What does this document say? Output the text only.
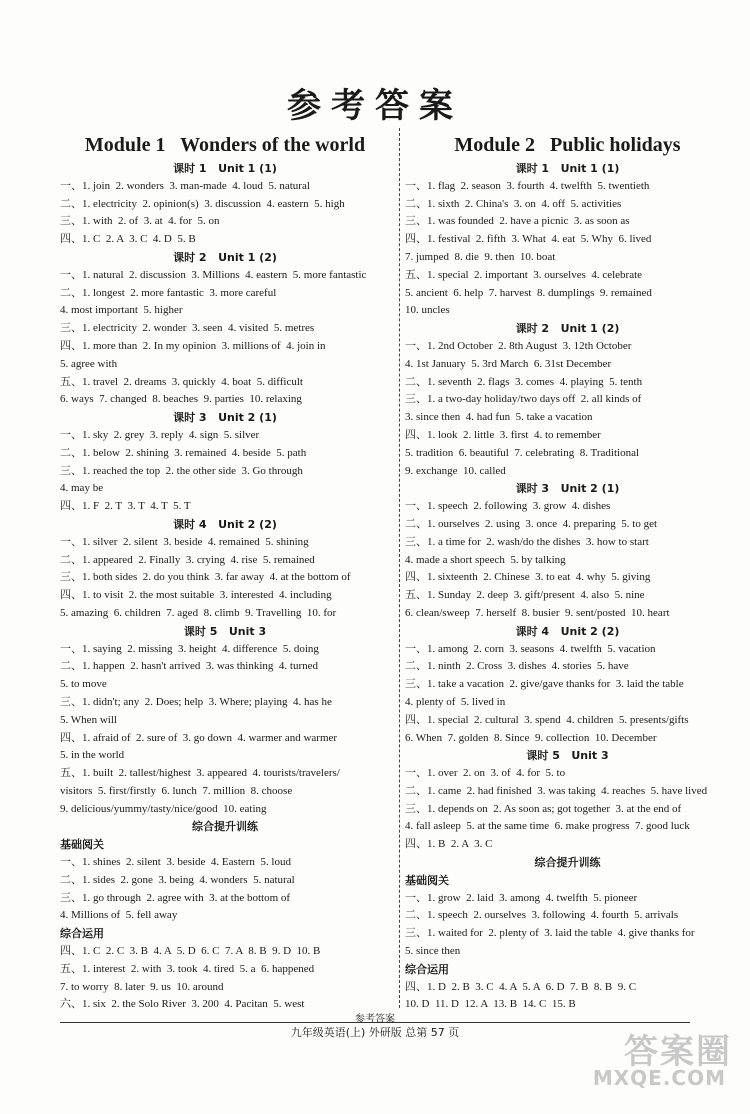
参考答案
Module 1   Wonders of the world
课时 1   Unit 1 (1)
一、1. join  2. wonders  3. man-made  4. loud  5. natural
二、1. electricity  2. opinion(s)  3. discussion  4. eastern  5. high
三、1. with  2. of  3. at  4. for  5. on
四、1. C  2. A  3. C  4. D  5. B
课时 2   Unit 1 (2)
一、1. natural  2. discussion  3. Millions  4. eastern  5. more fantastic
二、1. longest  2. more fantastic  3. more careful
4. most important  5. higher
三、1. electricity  2. wonder  3. seen  4. visited  5. metres
四、1. more than  2. In my opinion  3. millions of  4. join in
5. agree with
五、1. travel  2. dreams  3. quickly  4. boat  5. difficult
6. ways  7. changed  8. beaches  9. parties  10. relaxing
课时 3   Unit 2 (1)
一、1. sky  2. grey  3. reply  4. sign  5. silver
二、1. below  2. shining  3. remained  4. beside  5. path
三、1. reached the top  2. the other side  3. Go through
4. may be
四、1. F  2. T  3. T  4. T  5. T
课时 4   Unit 2 (2)
一、1. silver  2. silent  3. beside  4. remained  5. shining
二、1. appeared  2. Finally  3. crying  4. rise  5. remained
三、1. both sides  2. do you think  3. far away  4. at the bottom of
四、1. to visit  2. the most suitable  3. interested  4. including
5. amazing  6. children  7. aged  8. climb  9. Travelling  10. for
课时 5   Unit 3
一、1. saying  2. missing  3. height  4. difference  5. doing
二、1. happen  2. hasn't arrived  3. was thinking  4. turned
5. to move
三、1. didn't; any  2. Does; help  3. Where; playing  4. has he
5. When will
四、1. afraid of  2. sure of  3. go down  4. warmer and warmer
5. in the world
五、1. built  2. tallest/highest  3. appeared  4. tourists/travelers/
visitors  5. first/firstly  6. lunch  7. million  8. choose
9. delicious/yummy/tasty/nice/good  10. eating
综合提升训练
基础阅关
一、1. shines  2. silent  3. beside  4. Eastern  5. loud
二、1. sides  2. gone  3. being  4. wonders  5. natural
三、1. go through  2. agree with  3. at the bottom of
4. Millions of  5. fell away
综合运用
四、1. C  2. C  3. B  4. A  5. D  6. C  7. A  8. B  9. D  10. B
五、1. interest  2. with  3. took  4. tired  5. a  6. happened
7. to worry  8. later  9. us  10. around
六、1. six  2. the Solo River  3. 200  4. Pacitan  5. west
Module 2   Public holidays
课时 1   Unit 1 (1)
一、1. flag  2. season  3. fourth  4. twelfth  5. twentieth
二、1. sixth  2. China's  3. on  4. off  5. activities
三、1. was founded  2. have a picnic  3. as soon as
四、1. festival  2. fifth  3. What  4. eat  5. Why  6. lived
7. jumped  8. die  9. then  10. boat
五、1. special  2. important  3. ourselves  4. celebrate
5. ancient  6. help  7. harvest  8. dumplings  9. remained
10. uncles
课时 2   Unit 1 (2)
一、1. 2nd October  2. 8th August  3. 12th October
4. 1st January  5. 3rd March  6. 31st December
二、1. seventh  2. flags  3. comes  4. playing  5. tenth
三、1. a two-day holiday/two days off  2. all kinds of
3. since then  4. had fun  5. take a vacation
四、1. look  2. little  3. first  4. to remember
5. tradition  6. beautiful  7. celebrating  8. Traditional
9. exchange  10. called
课时 3   Unit 2 (1)
一、1. speech  2. following  3. grow  4. dishes
二、1. ourselves  2. using  3. once  4. preparing  5. to get
三、1. a time for  2. wash/do the dishes  3. how to start
4. made a short speech  5. by talking
四、1. sixteenth  2. Chinese  3. to eat  4. why  5. giving
五、1. Sunday  2. deep  3. gift/present  4. also  5. nine
6. clean/sweep  7. herself  8. busier  9. sent/posted  10. heart
课时 4   Unit 2 (2)
一、1. among  2. corn  3. seasons  4. twelfth  5. vacation
二、1. ninth  2. Cross  3. dishes  4. stories  5. have
三、1. take a vacation  2. give/gave thanks for  3. laid the table
4. plenty of  5. lived in
四、1. special  2. cultural  3. spend  4. children  5. presents/gifts
6. When  7. golden  8. Since  9. collection  10. December
课时 5   Unit 3
一、1. over  2. on  3. of  4. for  5. to
二、1. came  2. had finished  3. was taking  4. reaches  5. have lived
三、1. depends on  2. As soon as; got together  3. at the end of
4. fall asleep  5. at the same time  6. make progress  7. good luck
四、1. B  2. A  3. C
综合提升训练
基础阅关
一、1. grow  2. laid  3. among  4. twelfth  5. pioneer
二、1. speech  2. ourselves  3. following  4. fourth  5. arrivals
三、1. waited for  2. plenty of  3. laid the table  4. give thanks for
5. since then
综合运用
四、1. D  2. B  3. C  4. A  5. A  6. D  7. B  8. B  9. C
10. D  11. D  12. A  13. B  14. C  15. B
参考答案
九年级英语(上) 外研版 总第 57 页	答案圈
MXQE.COM
